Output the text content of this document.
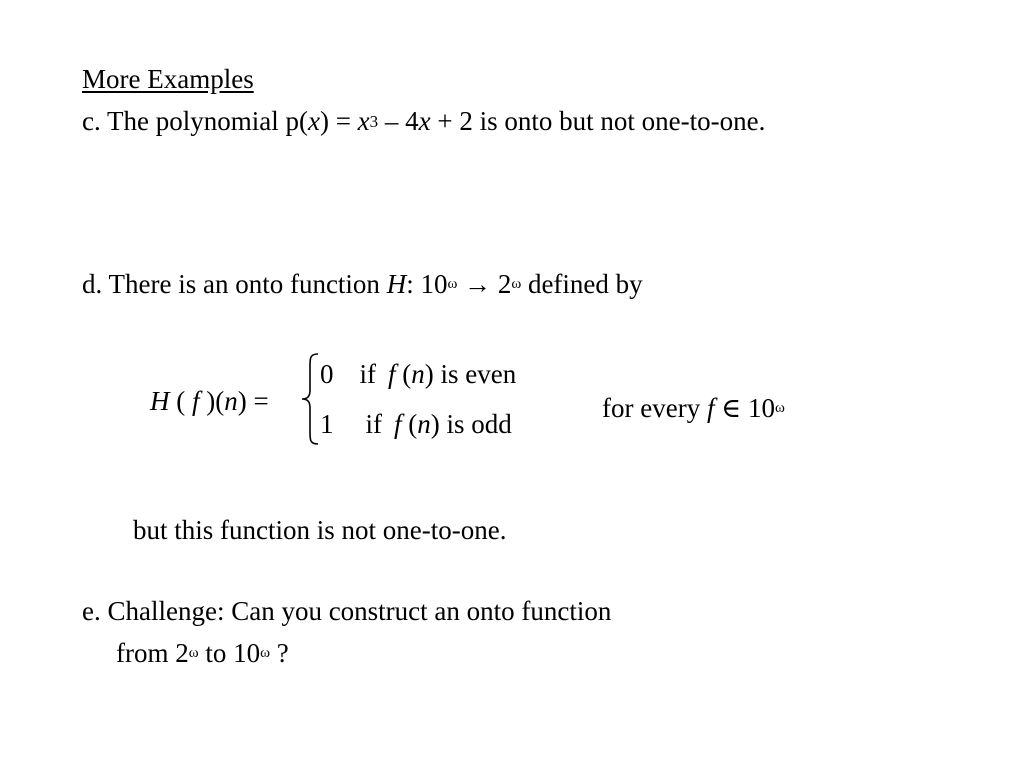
More Examples
c. The polynomial $p(x) = x^3 - 4x + 2$ is onto but not one-to-one.
d. There is an onto function H: $10^\omega \to 2^\omega$ defined by
H ( f )(n) =
0 if f (n) is even
1 if f (n) is odd
for every f ∈ $10^\omega$
but this function is not one-to-one.
e. Challenge: Can you construct an onto function
from $2^\omega$ to $10^\omega$ ?
